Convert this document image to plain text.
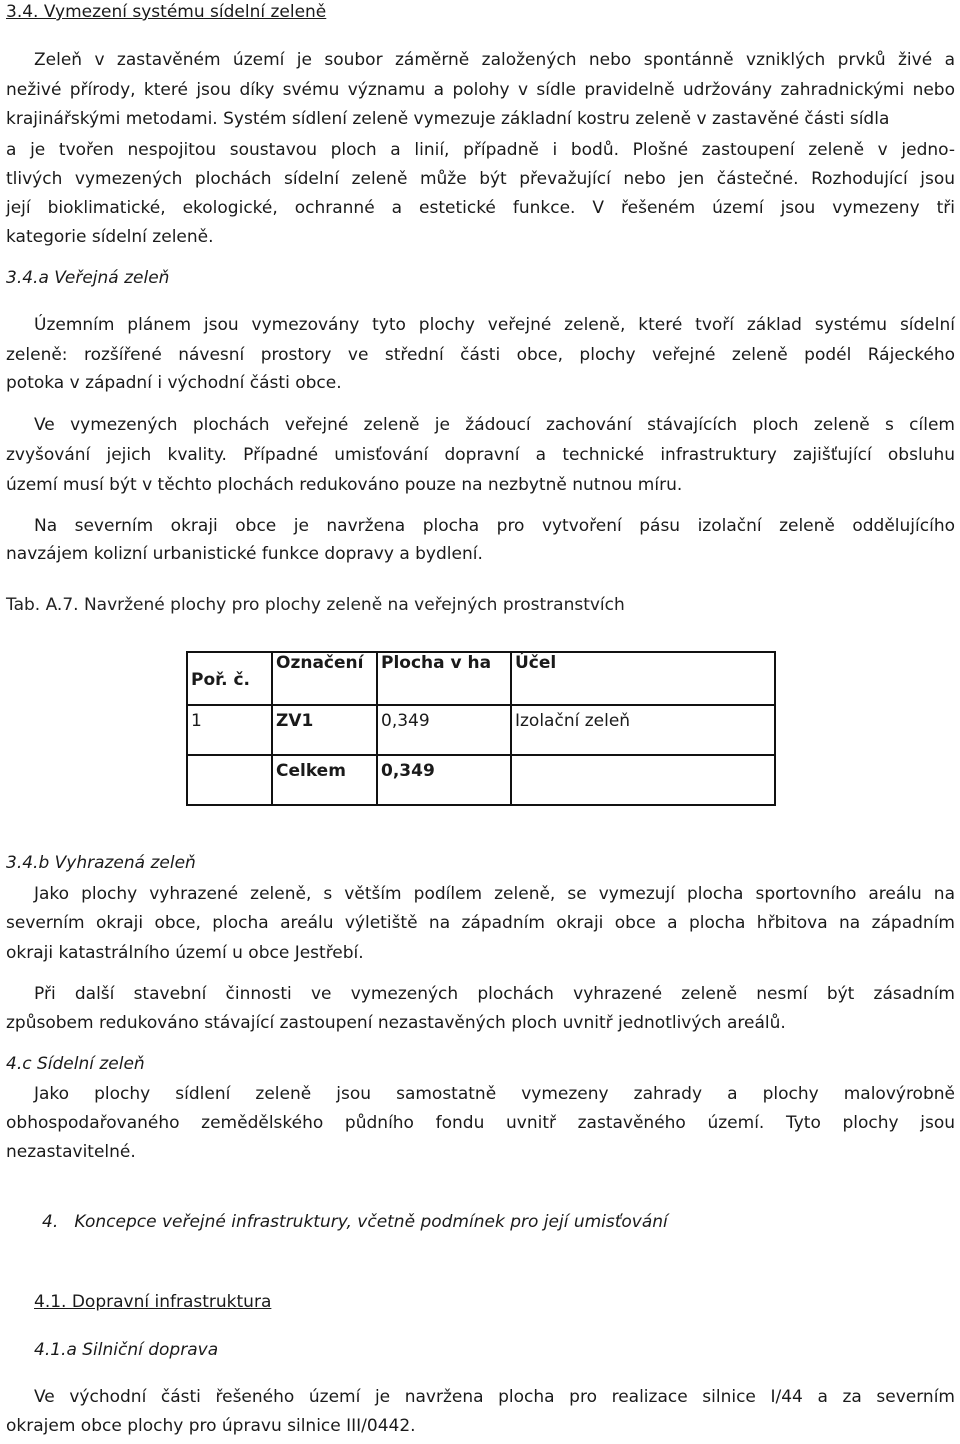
3.4. Vymezení systému sídelní zeleně
Zeleň v zastavěném území je soubor záměrně založených nebo spontánně vzniklých prvků živé a
neživé přírody, které jsou díky svému významu a polohy v sídle pravidelně udržovány zahradnickými nebo
krajinářskými metodami. Systém sídlení zeleně vymezuje základní kostru zeleně v zastavěné části sídla
a je tvořen nespojitou soustavou ploch a linií, případně i bodů. Plošné zastoupení zeleně v jedno-
tlivých vymezených plochách sídelní zeleně může být převažující nebo jen částečné. Rozhodující jsou
její bioklimatické, ekologické, ochranné a estetické funkce. V řešeném území jsou vymezeny tři
kategorie sídelní zeleně.
3.4.a Veřejná zeleň
Územním plánem jsou vymezovány tyto plochy veřejné zeleně, které tvoří základ systému sídelní
zeleně: rozšířené návesní prostory ve střední části obce, plochy veřejné zeleně podél Rájeckého
potoka v západní i východní části obce.
Ve vymezených plochách veřejné zeleně je žádoucí zachování stávajících ploch zeleně s cílem
zvyšování jejich kvality. Případné umisťování dopravní a technické infrastruktury zajišťující obsluhu
území musí být v těchto plochách redukováno pouze na nezbytně nutnou míru.
Na severním okraji obce je navržena plocha pro vytvoření pásu izolační zeleně oddělujícího
navzájem kolizní urbanistické funkce dopravy a bydlení.
Tab. A.7. Navržené plochy pro plochy zeleně na veřejných prostranstvích
Poř. č.	Označení	Plocha v ha	Účel
1	ZV1	0,349	Izolační zeleň
	Celkem	0,349	
3.4.b Vyhrazená zeleň
Jako plochy vyhrazené zeleně, s větším podílem zeleně, se vymezují plocha sportovního areálu na
severním okraji obce, plocha areálu výletiště na západním okraji obce a plocha hřbitova na západním
okraji katastrálního území u obce Jestřebí.
Při další stavební činnosti ve vymezených plochách vyhrazené zeleně nesmí být zásadním
způsobem redukováno stávající zastoupení nezastavěných ploch uvnitř jednotlivých areálů.
4.c Sídelní zeleň
Jako plochy sídlení zeleně jsou samostatně vymezeny zahrady a plochy malovýrobně
obhospodařovaného zemědělského půdního fondu uvnitř zastavěného území. Tyto plochy jsou
nezastavitelné.
4.   Koncepce veřejné infrastruktury, včetně podmínek pro její umisťování
4.1. Dopravní infrastruktura
4.1.a Silniční doprava
Ve východní části řešeného území je navržena plocha pro realizace silnice I/44 a za severním
okrajem obce plochy pro úpravu silnice III/0442.
